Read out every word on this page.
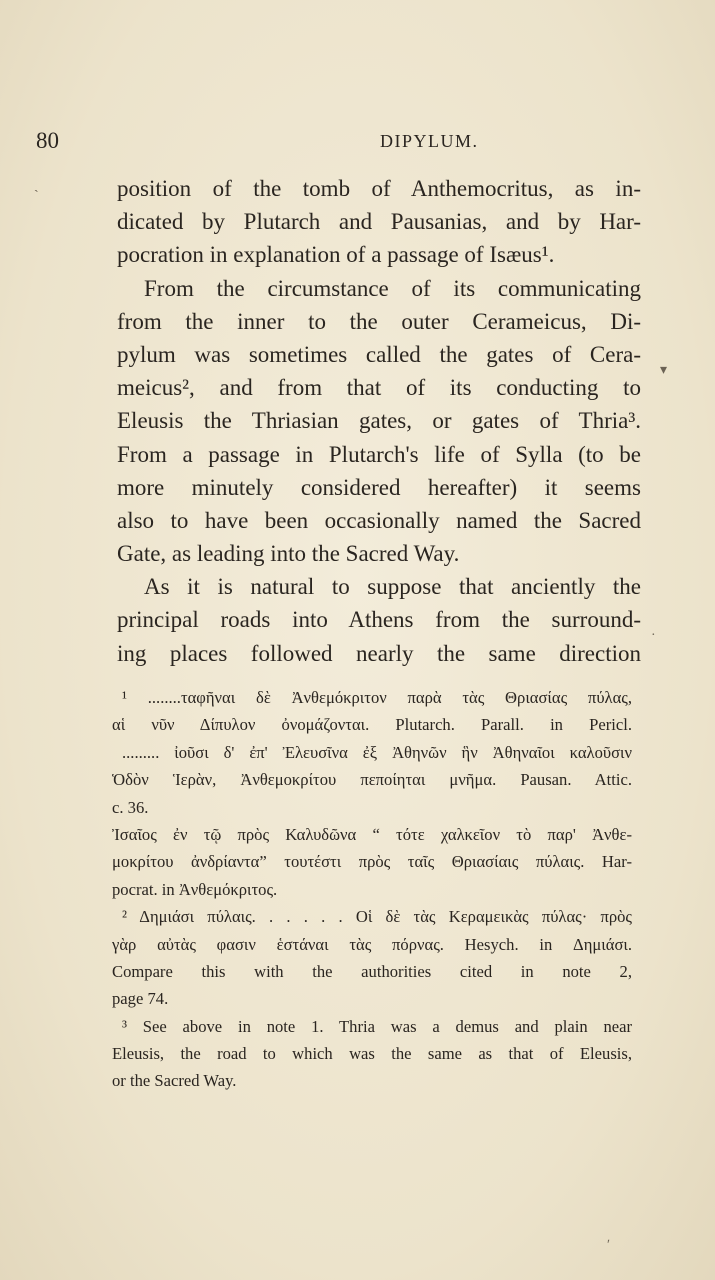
80	DIPYLUM.
position of the tomb of Anthemocritus, as in-
dicated by Plutarch and Pausanias, and by Har-
pocration in explanation of a passage of Isæus¹.
From the circumstance of its communicating
from the inner to the outer Cerameicus, Di-
pylum was sometimes called the gates of Cera-
meicus², and from that of its conducting to
Eleusis the Thriasian gates, or gates of Thria³.
From a passage in Plutarch's life of Sylla (to be
more minutely considered hereafter) it seems
also to have been occasionally named the Sacred
Gate, as leading into the Sacred Way.
As it is natural to suppose that anciently the
principal roads into Athens from the surround-
ing places followed nearly the same direction
¹ ........ταφῆναι δὲ Ἀνθεμόκριτον παρὰ τὰς Θριασίας πύλας,
αἱ νῦν Δίπυλον ὀνομάζονται. Plutarch. Parall. in Pericl.
......... ἰοῦσι δ' ἐπ' Ἐλευσῖνα ἐξ Ἀθηνῶν ἣν Ἀθηναῖοι καλοῦσιν
Ὁδὸν Ἱερὰν, Ἀνθεμοκρίτου πεποίηται μνῆμα. Pausan. Attic.
c. 36.
Ἰσαῖος ἐν τῷ πρὸς Καλυδῶνα “ τότε χαλκεῖον τὸ παρ' Ἀνθε-
μοκρίτου ἀνδρίαντα” τουτέστι πρὸς ταῖς Θριασίαις πύλαις. Har-
pocrat. in Ἀνθεμόκριτος.
² Δημιάσι πύλαις. . . . . . Οἱ δὲ τὰς Κεραμεικὰς πύλας· πρὸς
γὰρ αὐτὰς φασιν ἑστάναι τὰς πόρνας. Hesych. in Δημιάσι.
Compare this with the authorities cited in note 2,
page 74.
³ See above in note 1. Thria was a demus and plain near
Eleusis, the road to which was the same as that of Eleusis,
or the Sacred Way.
ˏ
▾
·
ʹ
